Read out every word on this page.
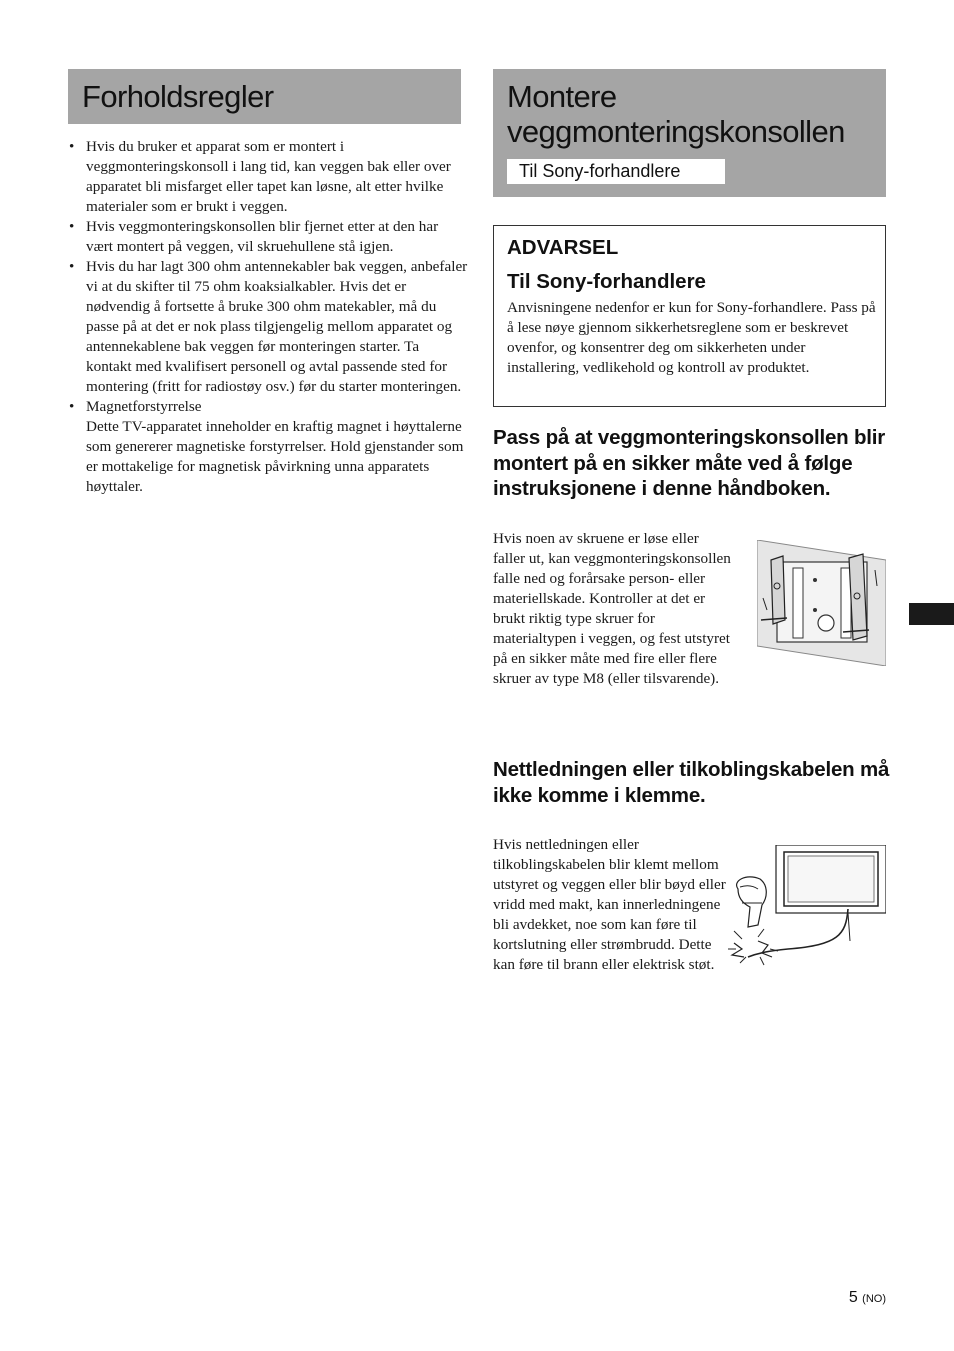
Forholdsregler
• Hvis du bruker et apparat som er montert i veggmonteringskonsoll i lang tid, kan veggen bak eller over apparatet bli misfarget eller tapet kan løsne, alt etter hvilke materialer som er brukt i veggen.
• Hvis veggmonteringskonsollen blir fjernet etter at den har vært montert på veggen, vil skruehullene stå igjen.
• Hvis du har lagt 300 ohm antennekabler bak veggen, anbefaler vi at du skifter til 75 ohm koaksialkabler. Hvis det er nødvendig å fortsette å bruke 300 ohm matekabler, må du passe på at det er nok plass tilgjengelig mellom apparatet og antennekablene bak veggen før monteringen starter. Ta kontakt med kvalifisert personell og avtal passende sted for montering (fritt for radiostøy osv.) før du starter monteringen.
• Magnetforstyrrelse
Dette TV-apparatet inneholder en kraftig magnet i høyttalerne som genererer magnetiske forstyrrelser. Hold gjenstander som er mottakelige for magnetisk påvirkning unna apparatets høyttaler.
Montere veggmonteringskonsollen
Til Sony-forhandlere
ADVARSEL
Til Sony-forhandlere
Anvisningene nedenfor er kun for Sony-forhandlere. Pass på å lese nøye gjennom sikkerhetsreglene som er beskrevet ovenfor, og konsentrer deg om sikkerheten under installering, vedlikehold og kontroll av produktet.
Pass på at veggmonteringskonsollen blir montert på en sikker måte ved å følge instruksjonene i denne håndboken.
Hvis noen av skruene er løse eller faller ut, kan veggmonteringskonsollen falle ned og forårsake person- eller materiellskade. Kontroller at det er brukt riktig type skruer for materialtypen i veggen, og fest utstyret på en sikker måte med fire eller flere skruer av type M8 (eller tilsvarende).
Nettledningen eller tilkoblingskabelen må ikke komme i klemme.
Hvis nettledningen eller tilkoblingskabelen blir klemt mellom utstyret og veggen eller blir bøyd eller vridd med makt, kan innerledningene bli avdekket, noe som kan føre til kortslutning eller strømbrudd. Dette kan føre til brann eller elektrisk støt.
5 (NO)
